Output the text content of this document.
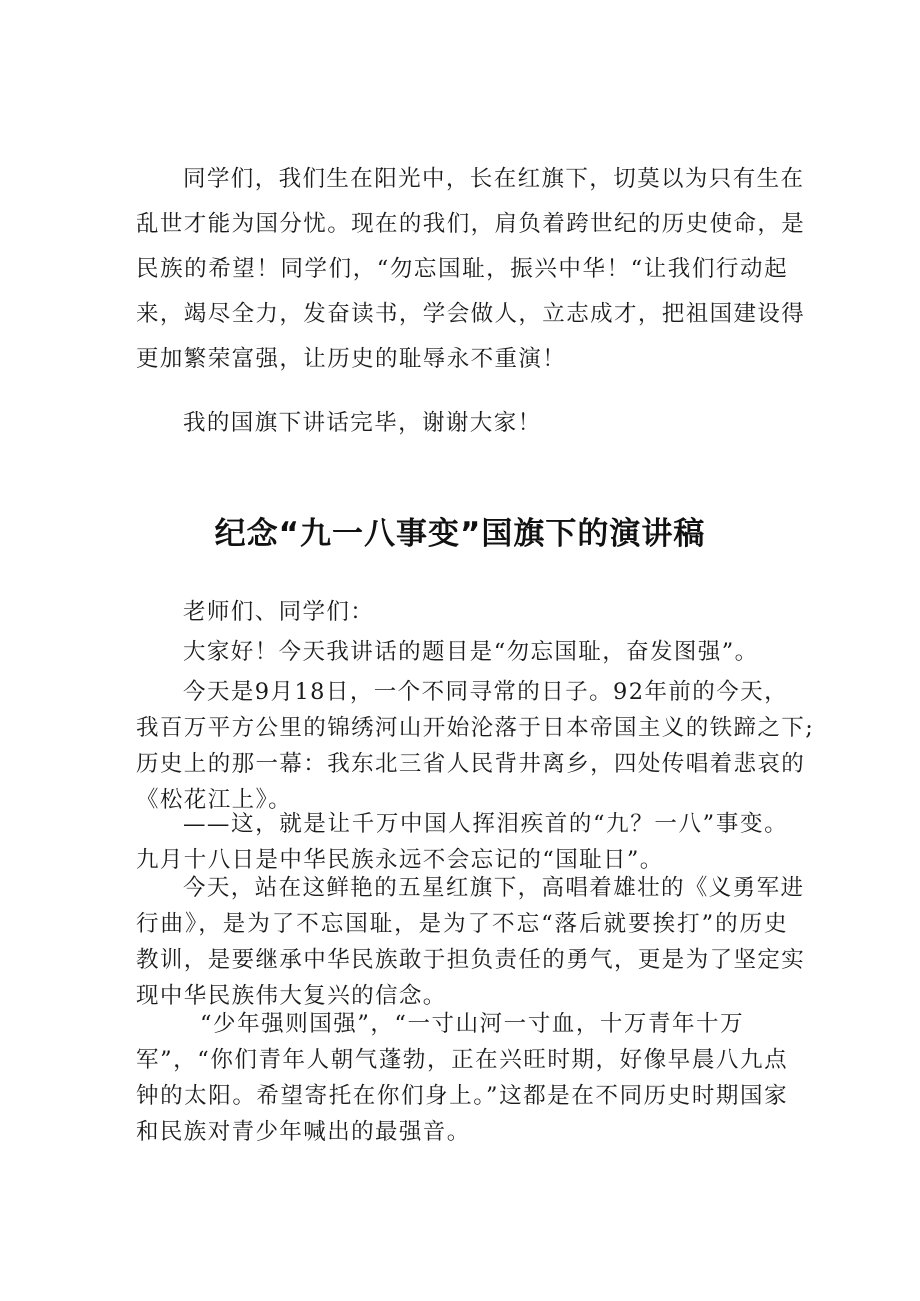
同学们，我们生在阳光中，长在红旗下，切莫以为只有生在
乱世才能为国分忧。现在的我们，肩负着跨世纪的历史使命，是
民族的希望！同学们，“勿忘国耻，振兴中华！“让我们行动起
来，竭尽全力，发奋读书，学会做人，立志成才，把祖国建设得
更加繁荣富强，让历史的耻辱永不重演！
我的国旗下讲话完毕，谢谢大家！
老师们、同学们：
大家好！今天我讲话的题目是“勿忘国耻，奋发图强”。
今天是9月18日，一个不同寻常的日子。92年前的今天，
我百万平方公里的锦绣河山开始沦落于日本帝国主义的铁蹄之下;
历史上的那一幕：我东北三省人民背井离乡，四处传唱着悲哀的
《松花江上》。
——这，就是让千万中国人挥泪疾首的“九？一八”事变。
九月十八日是中华民族永远不会忘记的“国耻日”。
今天，站在这鲜艳的五星红旗下，高唱着雄壮的《义勇军进
行曲》，是为了不忘国耻，是为了不忘“落后就要挨打”的历史
教训，是要继承中华民族敢于担负责任的勇气，更是为了坚定实
现中华民族伟大复兴的信念。
“少年强则国强”，“一寸山河一寸血，十万青年十万
军”，“你们青年人朝气蓬勃，正在兴旺时期，好像早晨八九点
钟的太阳。希望寄托在你们身上。”这都是在不同历史时期国家
和民族对青少年喊出的最强音。
纪念“九一八事变”国旗下的演讲稿
